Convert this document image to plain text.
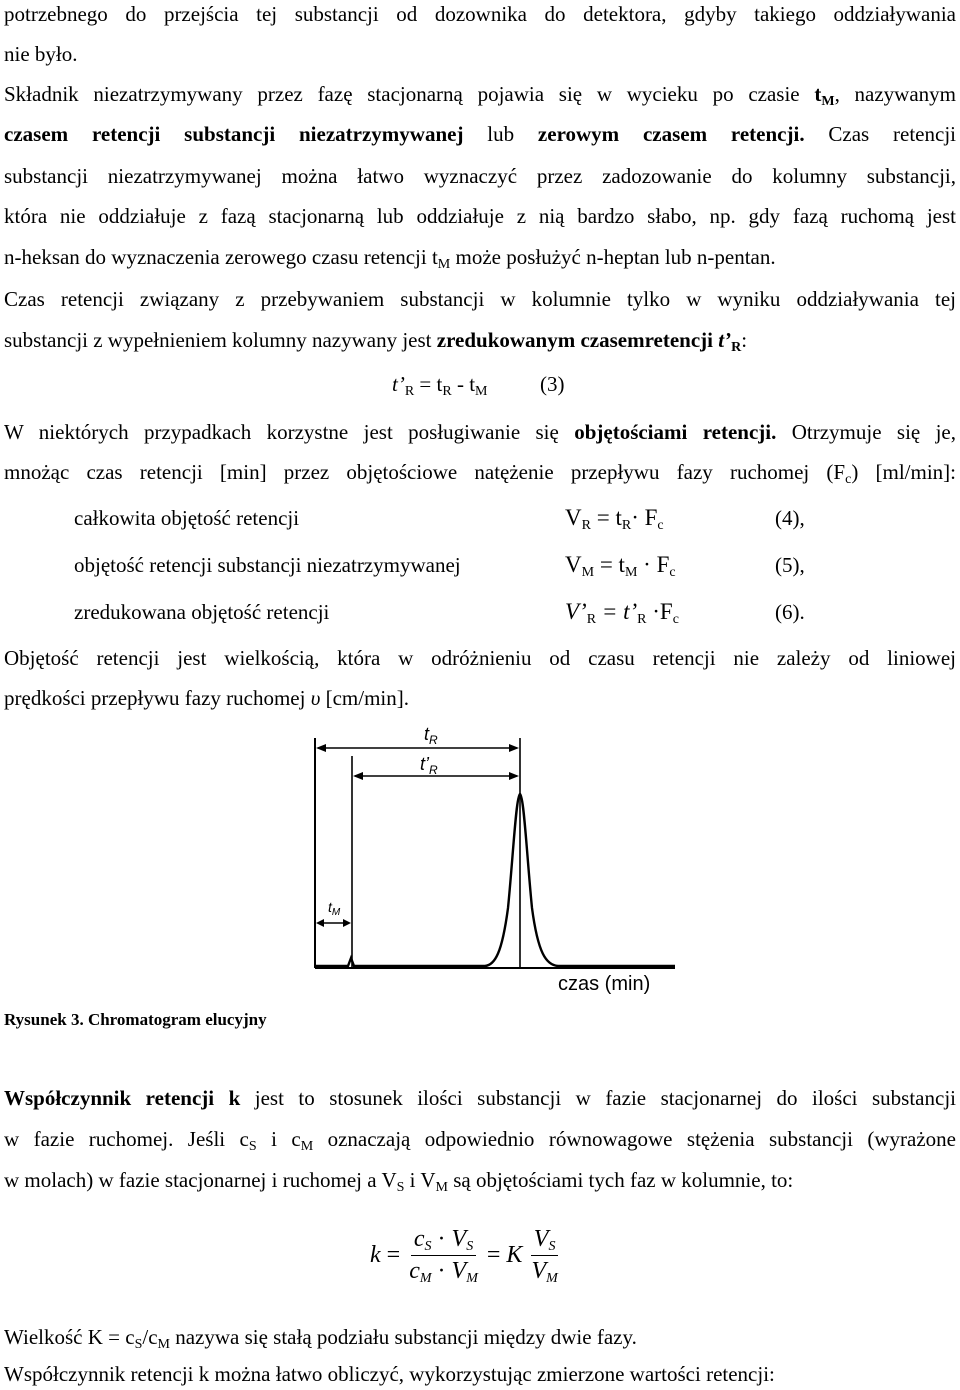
potrzebnego do przejścia tej substancji od dozownika do detektora, gdyby takiego oddziaływania
nie było.
Składnik niezatrzymywany przez fazę stacjonarną pojawia się w wycieku po czasie $t_M$, nazywanym
czasem retencji substancji niezatrzymywanej lub zerowym czasem retencji. Czas retencji
substancji niezatrzymywanej można łatwo wyznaczyć przez zadozowanie do kolumny substancji,
która nie oddziałuje z fazą stacjonarną lub oddziałuje z nią bardzo słabo, np. gdy fazą ruchomą jest
n-heksan do wyznaczenia zerowego czasu retencji $t_M$ może posłużyć n-heptan lub n-pentan.
Czas retencji związany z przebywaniem substancji w kolumnie tylko w wyniku oddziaływania tej
substancji z wypełnieniem kolumny nazywany jest zredukowanym czasemretencji $t’_R$:
$t’_R = t_R - t_M$	(3)
W niektórych przypadkach korzystne jest posługiwanie się objętościami retencji. Otrzymuje się je,
mnożąc czas retencji [min] przez objętościowe natężenie przepływu fazy ruchomej $(F_c)$ [ml/min]:
całkowita objętość retencji	$V_R = t_R\cdot F_c$	(4),
objętość retencji substancji niezatrzymywanej	$V_M = t_M \cdot F_c$	(5),
zredukowana objętość retencji	$V’_R$ = $t’_R \cdot F_c$	(6).
Objętość retencji jest wielkością, która w odróżnieniu od czasu retencji nie zależy od liniowej
prędkości przepływu fazy ruchomej υ [cm/min].
$t_R$
$t’_R$
$t_M$
czas (min)
Rysunek 3. Chromatogram elucyjny
Współczynnik retencji k jest to stosunek ilości substancji w fazie stacjonarnej do ilości substancji
w fazie ruchomej. Jeśli $c_S$ i $c_M$ oznaczają odpowiednio równowagowe stężenia substancji (wyrażone
w molach) w fazie stacjonarnej i ruchomej a $V_S$ i $V_M$ są objętościami tych faz w kolumnie, to:
$k = \frac{c_S \cdot V_S}{c_M \cdot V_M} = K \frac{V_S}{V_M}$
Wielkość $K = c_S/c_M$ nazywa się stałą podziału substancji między dwie fazy.
Współczynnik retencji k można łatwo obliczyć, wykorzystując zmierzone wartości retencji:
